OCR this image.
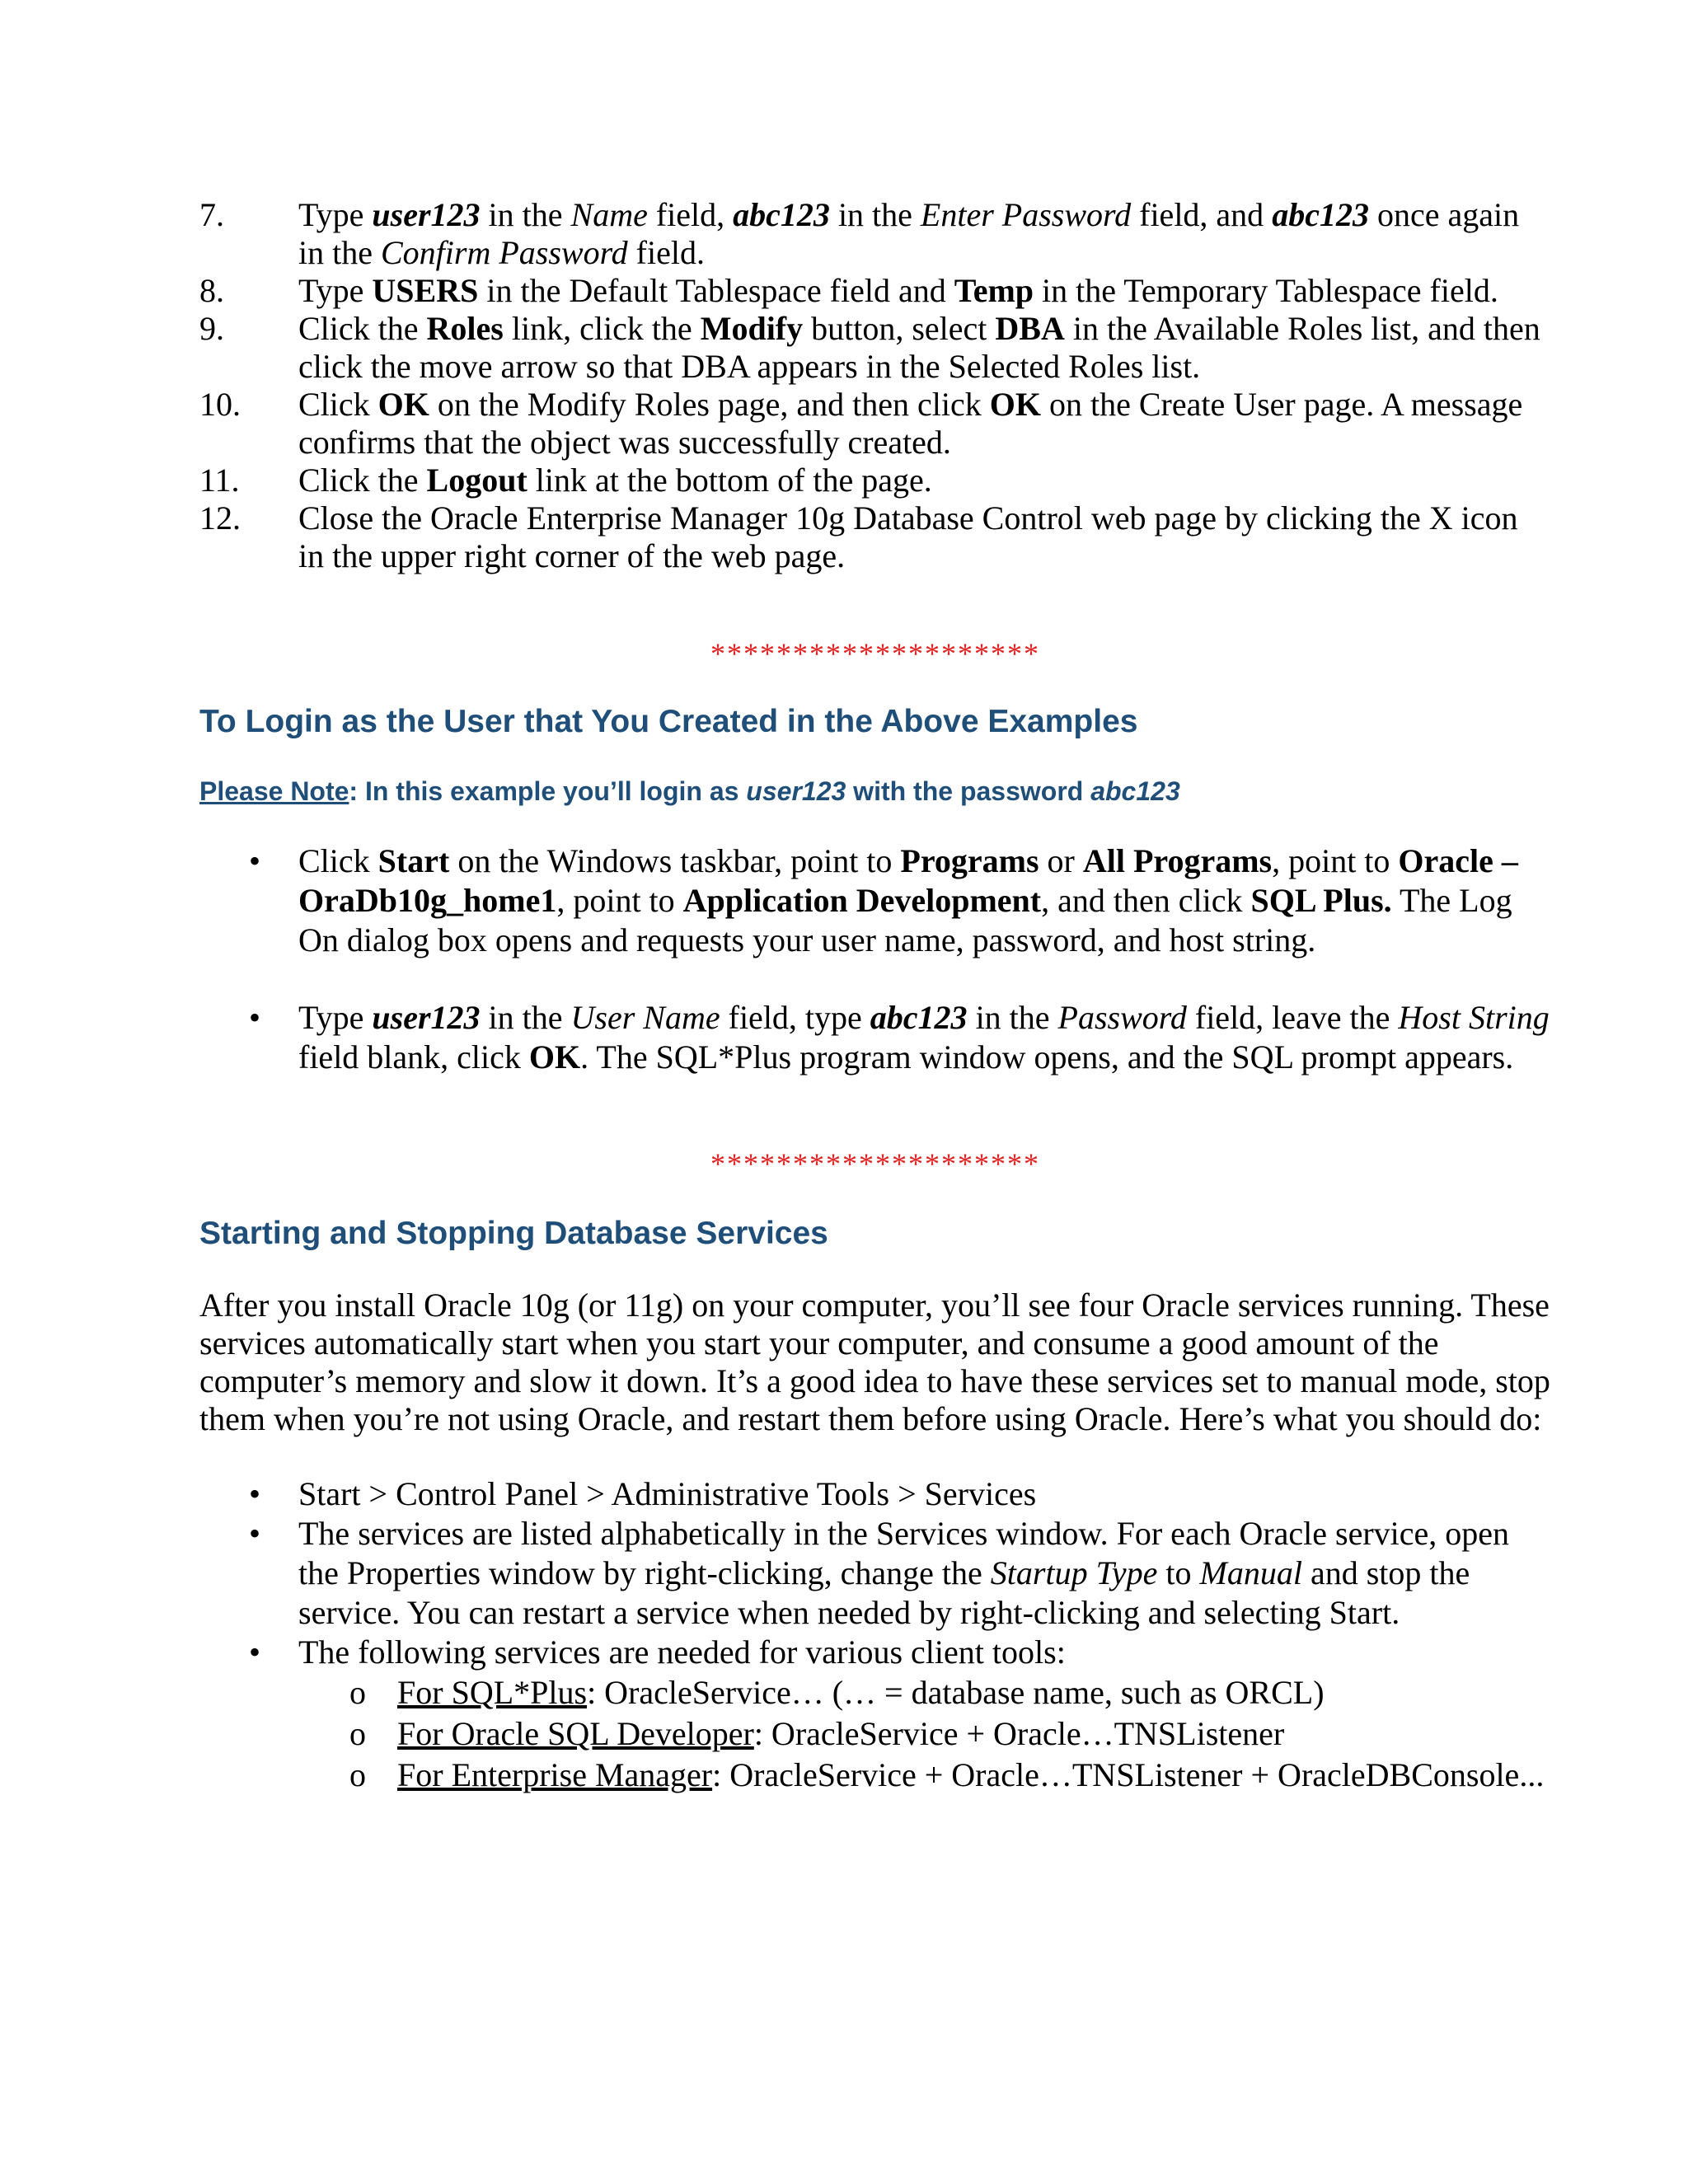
7.	Type user123 in the Name field, abc123 in the Enter Password field, and abc123 once again in the Confirm Password field.
8.	Type USERS in the Default Tablespace field and Temp in the Temporary Tablespace field.
9.	Click the Roles link, click the Modify button, select DBA in the Available Roles list, and then click the move arrow so that DBA appears in the Selected Roles list.
10.	Click OK on the Modify Roles page, and then click OK on the Create User page. A message confirms that the object was successfully created.
11.	Click the Logout link at the bottom of the page.
12.	Close the Oracle Enterprise Manager 10g Database Control web page by clicking the X icon in the upper right corner of the web page.
********************
To Login as the User that You Created in the Above Examples
Please Note: In this example you’ll login as user123 with the password abc123
•	Click Start on the Windows taskbar, point to Programs or All Programs, point to Oracle – OraDb10g_home1, point to Application Development, and then click SQL Plus. The Log On dialog box opens and requests your user name, password, and host string.
•	Type user123 in the User Name field, type abc123 in the Password field, leave the Host String field blank, click OK. The SQL*Plus program window opens, and the SQL prompt appears.
********************
Starting and Stopping Database Services

After you install Oracle 10g (or 11g) on your computer, you’ll see four Oracle services running. These services automatically start when you start your computer, and consume a good amount of the computer’s memory and slow it down. It’s a good idea to have these services set to manual mode, stop them when you’re not using Oracle, and restart them before using Oracle. Here’s what you should do:

•	Start > Control Panel > Administrative Tools > Services
•	The services are listed alphabetically in the Services window. For each Oracle service, open the Properties window by right-clicking, change the Startup Type to Manual and stop the service. You can restart a service when needed by right-clicking and selecting Start.
•	The following services are needed for various client tools:
o For SQL*Plus: OracleService… (… = database name, such as ORCL)
o For Oracle SQL Developer: OracleService + Oracle…TNSListener
o For Enterprise Manager: OracleService + Oracle…TNSListener + OracleDBConsole...
